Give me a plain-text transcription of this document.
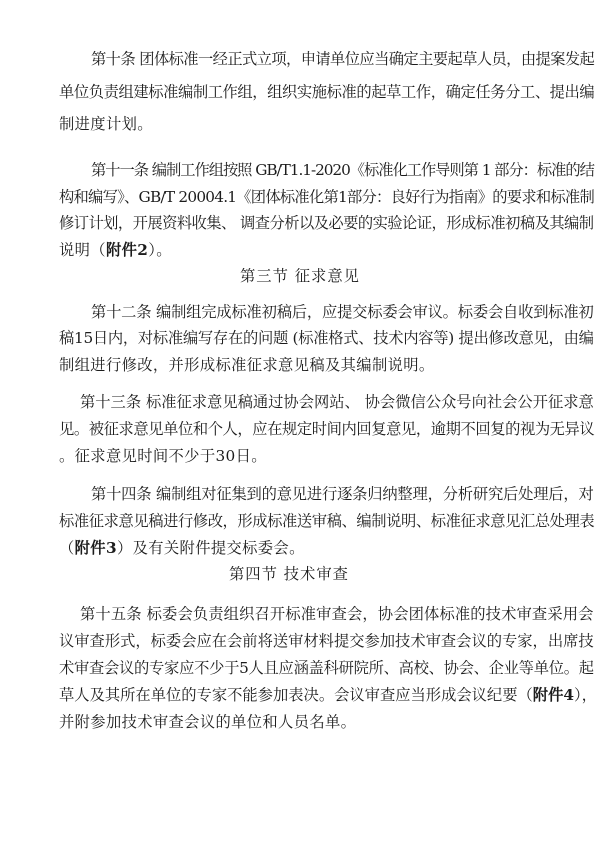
第十条 团体标准一经正式立项，申请单位应当确定主要起草人员，由提案发起
单位负责组建标准编制工作组，组织实施标准的起草工作，确定任务分工、提出编
制进度计划。
第十一条 编制工作组按照 GB/T1.1-2020《标准化工作导则第 1 部分：标准的结
构和编写》、GB/T 20004.1《团体标准化第1部分：良好行为指南》的要求和标准制
修订计划，开展资料收集、 调查分析以及必要的实验论证，形成标准初稿及其编制
说明（附件2）。
第三节 征求意见
第十二条 编制组完成标准初稿后，应提交标委会审议。标委会自收到标准初
稿15日内，对标准编写存在的问题 (标准格式、技术内容等) 提出修改意见，由编
制组进行修改，并形成标准征求意见稿及其编制说明。
第十三条 标准征求意见稿通过协会网站、 协会微信公众号向社会公开征求意
见。被征求意见单位和个人，应在规定时间内回复意见，逾期不回复的视为无异议
。征求意见时间不少于30日。
第十四条 编制组对征集到的意见进行逐条归纳整理，分析研究后处理后，对
标准征求意见稿进行修改，形成标准送审稿、编制说明、标准征求意见汇总处理表
（附件3）及有关附件提交标委会。
第四节 技术审查
第十五条 标委会负责组织召开标准审查会，协会团体标准的技术审查采用会
议审查形式，标委会应在会前将送审材料提交参加技术审查会议的专家，出席技
术审查会议的专家应不少于5人且应涵盖科研院所、高校、协会、企业等单位。起
草人及其所在单位的专家不能参加表决。会议审查应当形成会议纪要（附件4），
并附参加技术审查会议的单位和人员名单。
